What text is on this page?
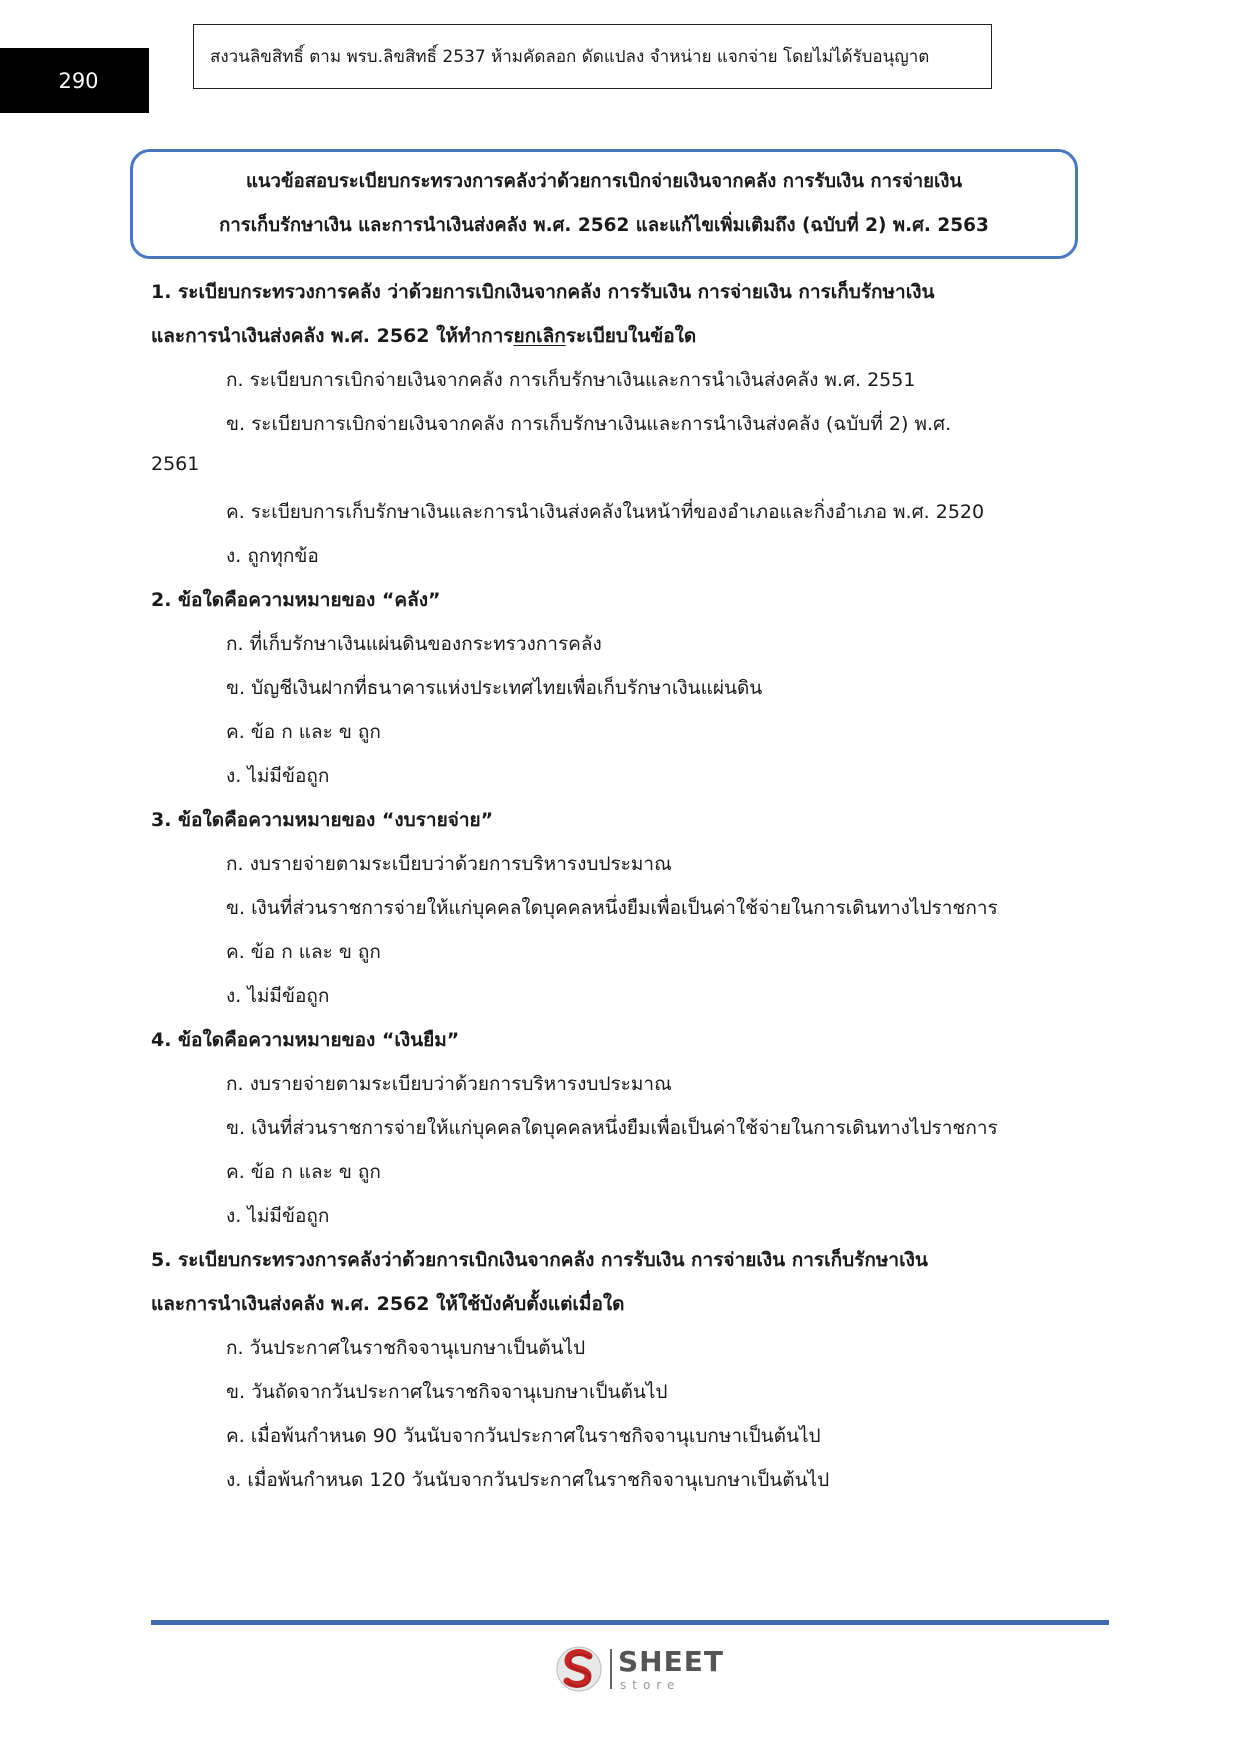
290
สงวนลิขสิทธิ์ ตาม พรบ.ลิขสิทธิ์ 2537 ห้ามคัดลอก ดัดแปลง จำหน่าย แจกจ่าย โดยไม่ได้รับอนุญาต
แนวข้อสอบระเบียบกระทรวงการคลังว่าด้วยการเบิกจ่ายเงินจากคลัง การรับเงิน การจ่ายเงิน
การเก็บรักษาเงิน และการนำเงินส่งคลัง พ.ศ. 2562 และแก้ไขเพิ่มเติมถึง (ฉบับที่ 2) พ.ศ. 2563
1. ระเบียบกระทรวงการคลัง ว่าด้วยการเบิกเงินจากคลัง การรับเงิน การจ่ายเงิน การเก็บรักษาเงิน
และการนำเงินส่งคลัง พ.ศ. 2562 ให้ทำการยกเลิกระเบียบในข้อใด
ก. ระเบียบการเบิกจ่ายเงินจากคลัง การเก็บรักษาเงินและการนำเงินส่งคลัง พ.ศ. 2551
ข. ระเบียบการเบิกจ่ายเงินจากคลัง การเก็บรักษาเงินและการนำเงินส่งคลัง (ฉบับที่ 2) พ.ศ.
2561
ค. ระเบียบการเก็บรักษาเงินและการนำเงินส่งคลังในหน้าที่ของอำเภอและกิ่งอำเภอ พ.ศ. 2520
ง. ถูกทุกข้อ
2. ข้อใดคือความหมายของ “คลัง”
ก. ที่เก็บรักษาเงินแผ่นดินของกระทรวงการคลัง
ข. บัญชีเงินฝากที่ธนาคารแห่งประเทศไทยเพื่อเก็บรักษาเงินแผ่นดิน
ค. ข้อ ก และ ข ถูก
ง. ไม่มีข้อถูก
3. ข้อใดคือความหมายของ “งบรายจ่าย”
ก. งบรายจ่ายตามระเบียบว่าด้วยการบริหารงบประมาณ
ข. เงินที่ส่วนราชการจ่ายให้แก่บุคคลใดบุคคลหนึ่งยืมเพื่อเป็นค่าใช้จ่ายในการเดินทางไปราชการ
ค. ข้อ ก และ ข ถูก
ง. ไม่มีข้อถูก
4. ข้อใดคือความหมายของ “เงินยืม”
ก. งบรายจ่ายตามระเบียบว่าด้วยการบริหารงบประมาณ
ข. เงินที่ส่วนราชการจ่ายให้แก่บุคคลใดบุคคลหนึ่งยืมเพื่อเป็นค่าใช้จ่ายในการเดินทางไปราชการ
ค. ข้อ ก และ ข ถูก
ง. ไม่มีข้อถูก
5. ระเบียบกระทรวงการคลังว่าด้วยการเบิกเงินจากคลัง การรับเงิน การจ่ายเงิน การเก็บรักษาเงิน
และการนำเงินส่งคลัง พ.ศ. 2562 ให้ใช้บังคับตั้งแต่เมื่อใด
ก. วันประกาศในราชกิจจานุเบกษาเป็นต้นไป
ข. วันถัดจากวันประกาศในราชกิจจานุเบกษาเป็นต้นไป
ค. เมื่อพ้นกำหนด 90 วันนับจากวันประกาศในราชกิจจานุเบกษาเป็นต้นไป
ง. เมื่อพ้นกำหนด 120 วันนับจากวันประกาศในราชกิจจานุเบกษาเป็นต้นไป
SHEET
store
